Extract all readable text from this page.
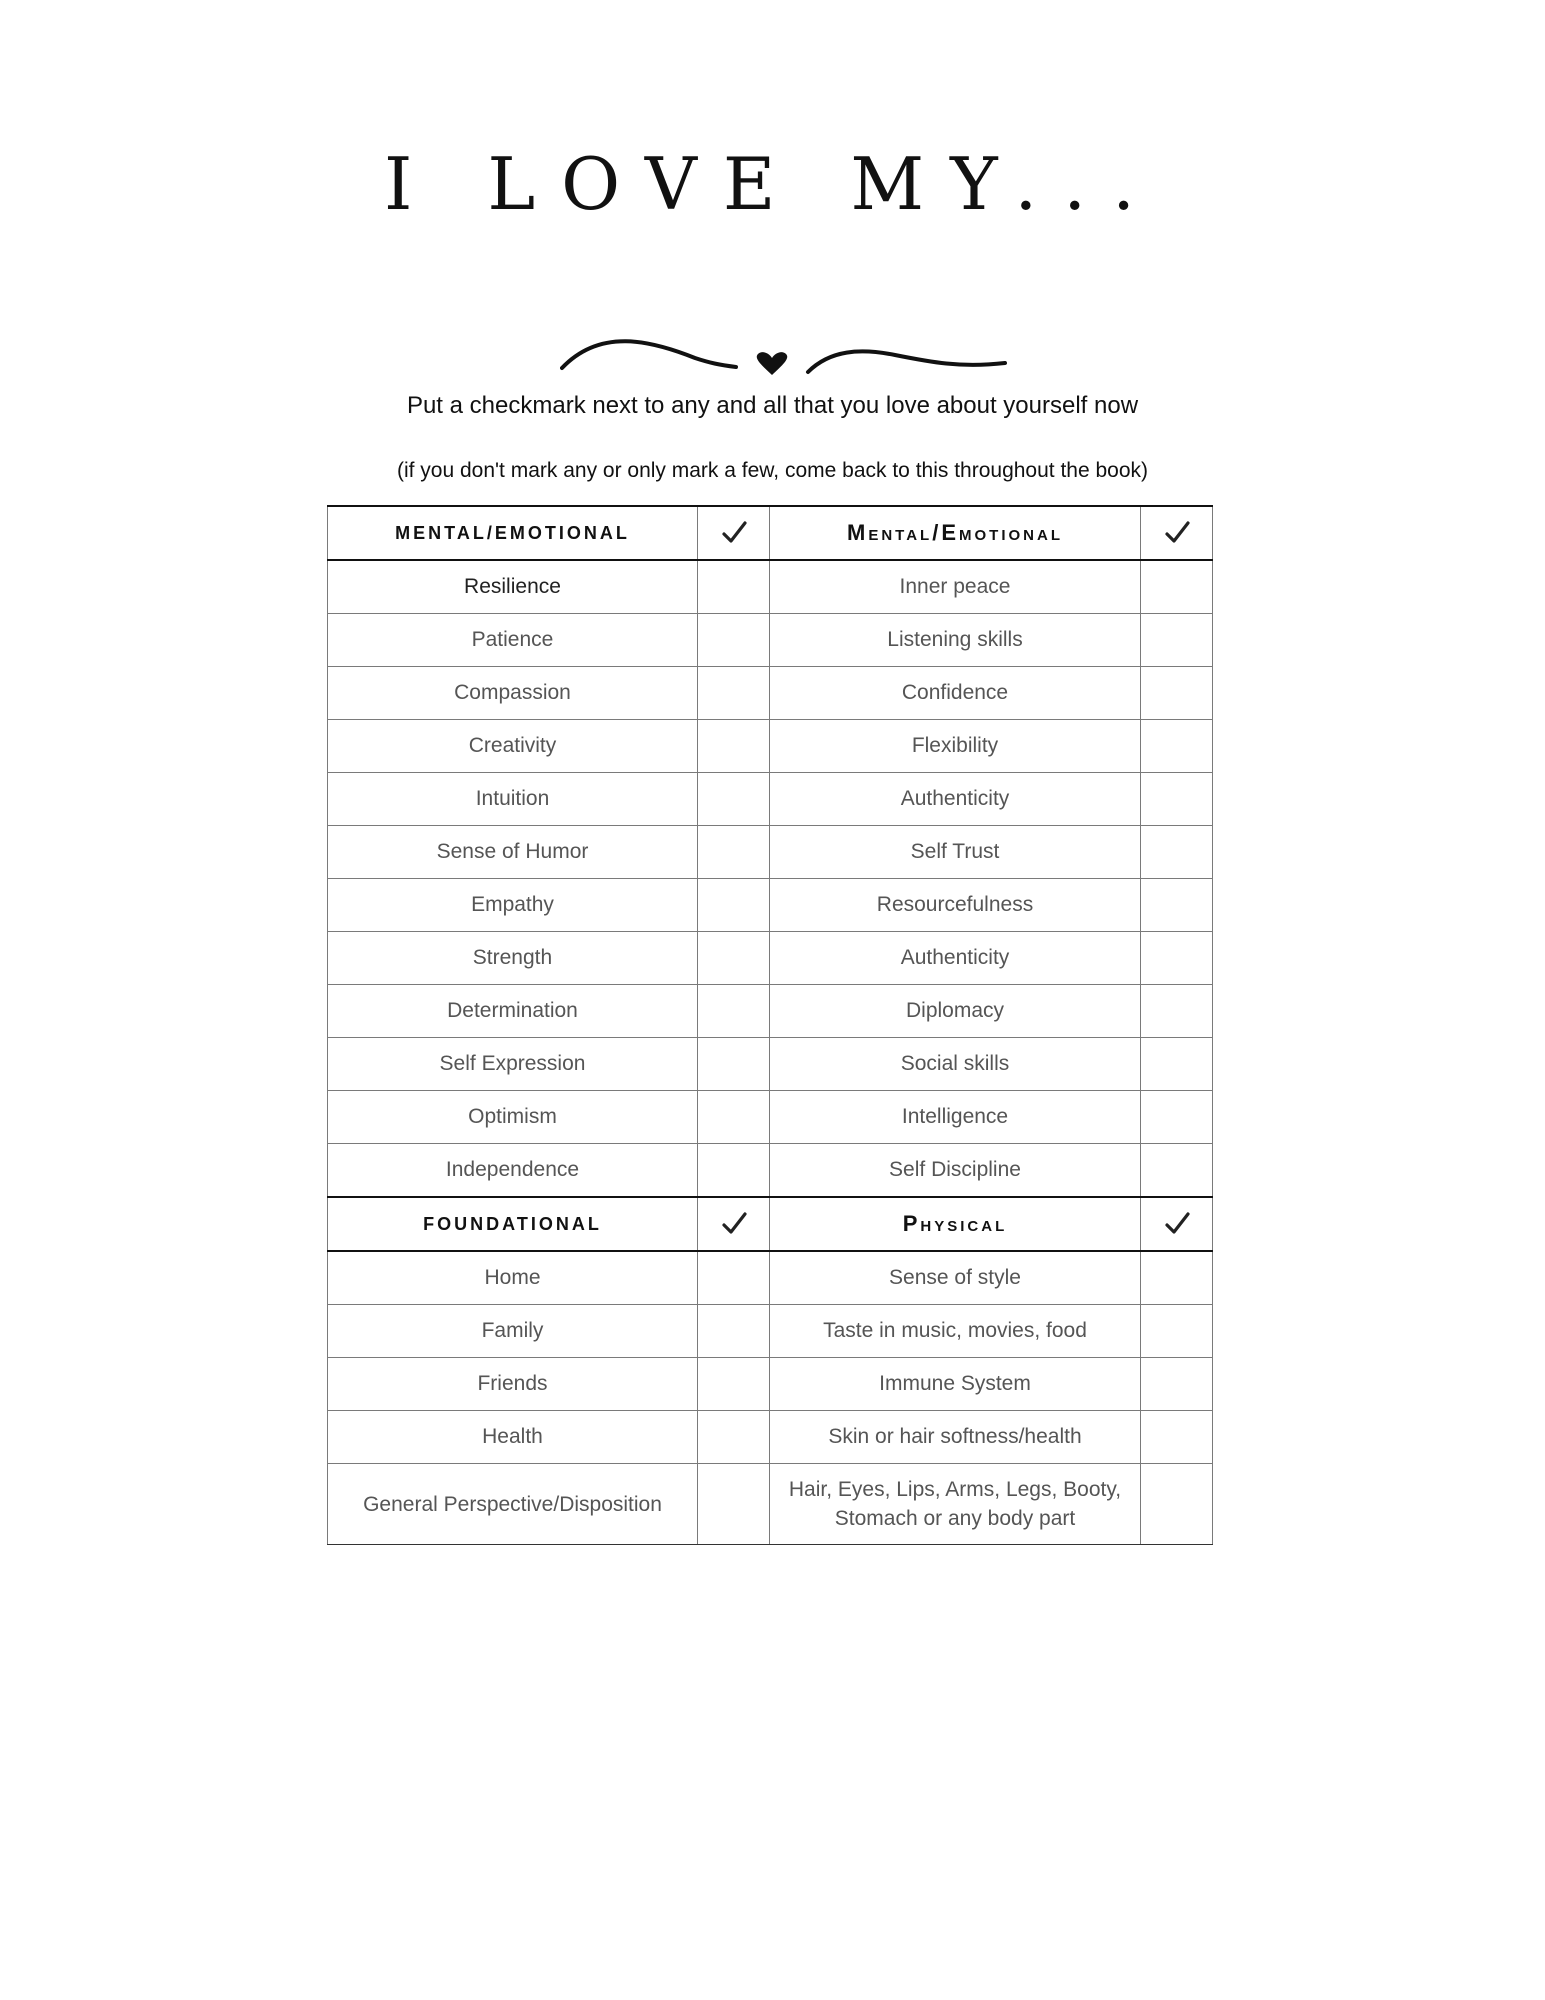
I LOVE MY...

Put a checkmark next to any and all that you love about yourself now

(if you don't mark any or only mark a few, come back to this throughout the book)

MENTAL/EMOTIONAL		Mental/Emotional	
Resilience		Inner peace	
Patience		Listening skills	
Compassion		Confidence	
Creativity		Flexibility	
Intuition		Authenticity	
Sense of Humor		Self Trust	
Empathy		Resourcefulness	
Strength		Authenticity	
Determination		Diplomacy	
Self Expression		Social skills	
Optimism		Intelligence	
Independence		Self Discipline	
FOUNDATIONAL		Physical	
Home		Sense of style	
Family		Taste in music, movies, food	
Friends		Immune System	
Health		Skin or hair softness/health	
General Perspective/Disposition		Hair, Eyes, Lips, Arms, Legs, Booty, Stomach or any body part	
